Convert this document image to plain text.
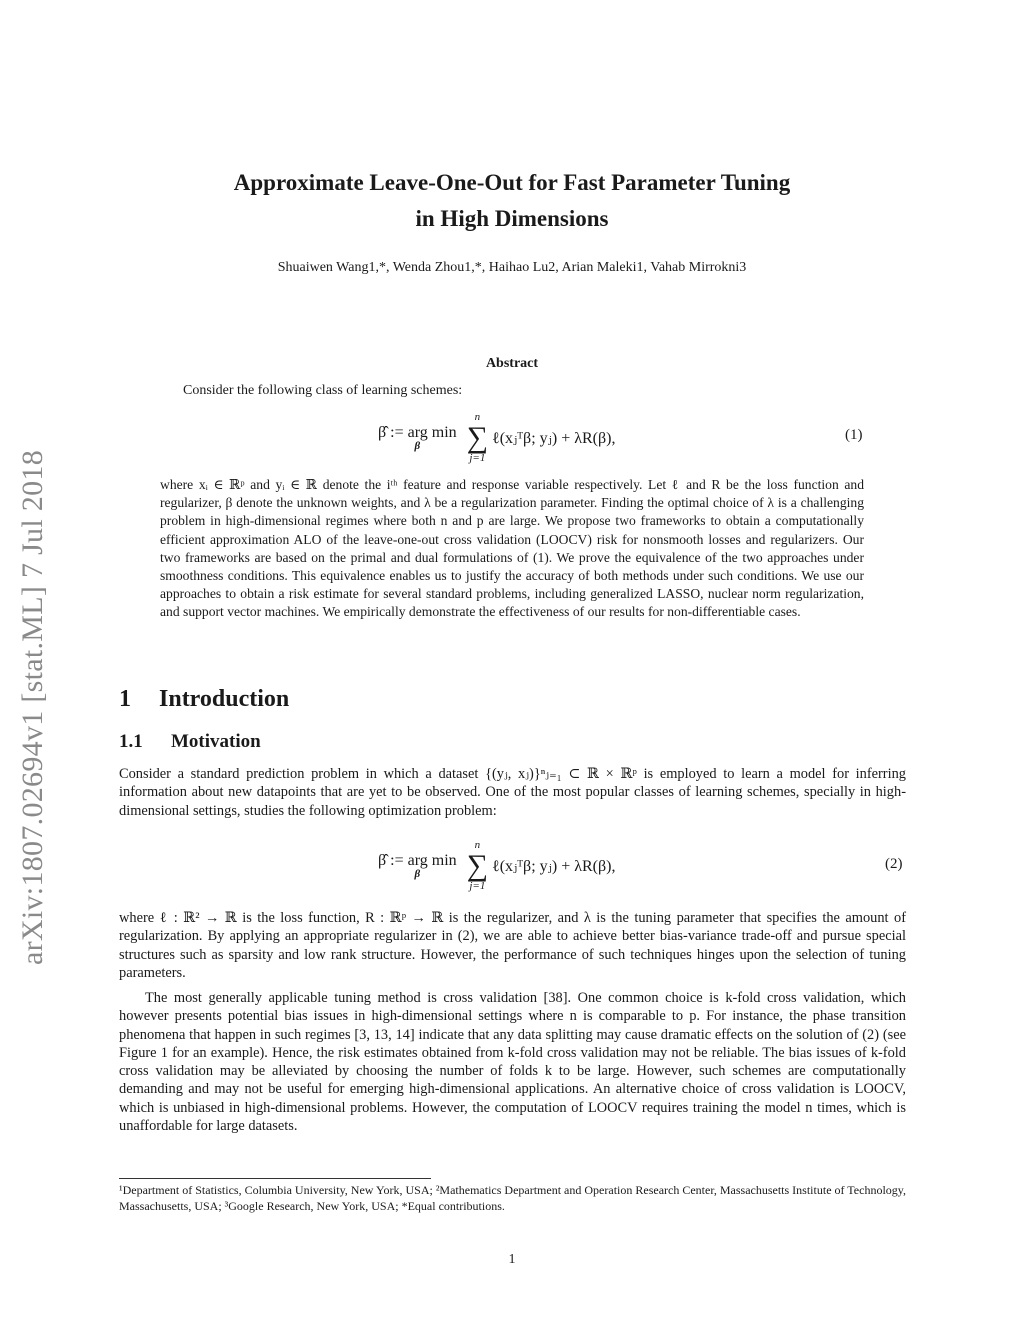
arXiv:1807.02694v1 [stat.ML] 7 Jul 2018
Approximate Leave-One-Out for Fast Parameter Tuning
in High Dimensions
Shuaiwen Wang1,*, Wenda Zhou1,*, Haihao Lu2, Arian Maleki1, Vahab Mirrokni3
Abstract
Consider the following class of learning schemes:
β̂ := arg min
β
n
∑
j=1
ℓ(xⱼᵀβ; yⱼ) + λR(β),	(1)
where xᵢ ∈ ℝᵖ and yᵢ ∈ ℝ denote the iᵗʰ feature and response variable respectively. Let ℓ and R be the loss function and regularizer, β denote the unknown weights, and λ be a regularization parameter. Finding the optimal choice of λ is a challenging problem in high-dimensional regimes where both n and p are large. We propose two frameworks to obtain a computationally efficient approximation ALO of the leave-one-out cross validation (LOOCV) risk for nonsmooth losses and regularizers. Our two frameworks are based on the primal and dual formulations of (1). We prove the equivalence of the two approaches under smoothness conditions. This equivalence enables us to justify the accuracy of both methods under such conditions. We use our approaches to obtain a risk estimate for several standard problems, including generalized LASSO, nuclear norm regularization, and support vector machines. We empirically demonstrate the effectiveness of our results for non-differentiable cases.
1 Introduction
1.1 Motivation
Consider a standard prediction problem in which a dataset {(yⱼ, xⱼ)}ⁿⱼ₌₁ ⊂ ℝ × ℝᵖ is employed to learn a model for inferring information about new datapoints that are yet to be observed. One of the most popular classes of learning schemes, specially in high-dimensional settings, studies the following optimization problem:
β̂ := arg min
β
n
∑
j=1
ℓ(xⱼᵀβ; yⱼ) + λR(β),	(2)
where ℓ : ℝ² → ℝ is the loss function, R : ℝᵖ → ℝ is the regularizer, and λ is the tuning parameter that specifies the amount of regularization. By applying an appropriate regularizer in (2), we are able to achieve better bias-variance trade-off and pursue special structures such as sparsity and low rank structure. However, the performance of such techniques hinges upon the selection of tuning parameters.
The most generally applicable tuning method is cross validation [38]. One common choice is k-fold cross validation, which however presents potential bias issues in high-dimensional settings where n is comparable to p. For instance, the phase transition phenomena that happen in such regimes [3, 13, 14] indicate that any data splitting may cause dramatic effects on the solution of (2) (see Figure 1 for an example). Hence, the risk estimates obtained from k-fold cross validation may not be reliable. The bias issues of k-fold cross validation may be alleviated by choosing the number of folds k to be large. However, such schemes are computationally demanding and may not be useful for emerging high-dimensional applications. An alternative choice of cross validation is LOOCV, which is unbiased in high-dimensional problems. However, the computation of LOOCV requires training the model n times, which is unaffordable for large datasets.
¹Department of Statistics, Columbia University, New York, USA; ²Mathematics Department and Operation Research Center, Massachusetts Institute of Technology, Massachusetts, USA; ³Google Research, New York, USA; *Equal contributions.
1
